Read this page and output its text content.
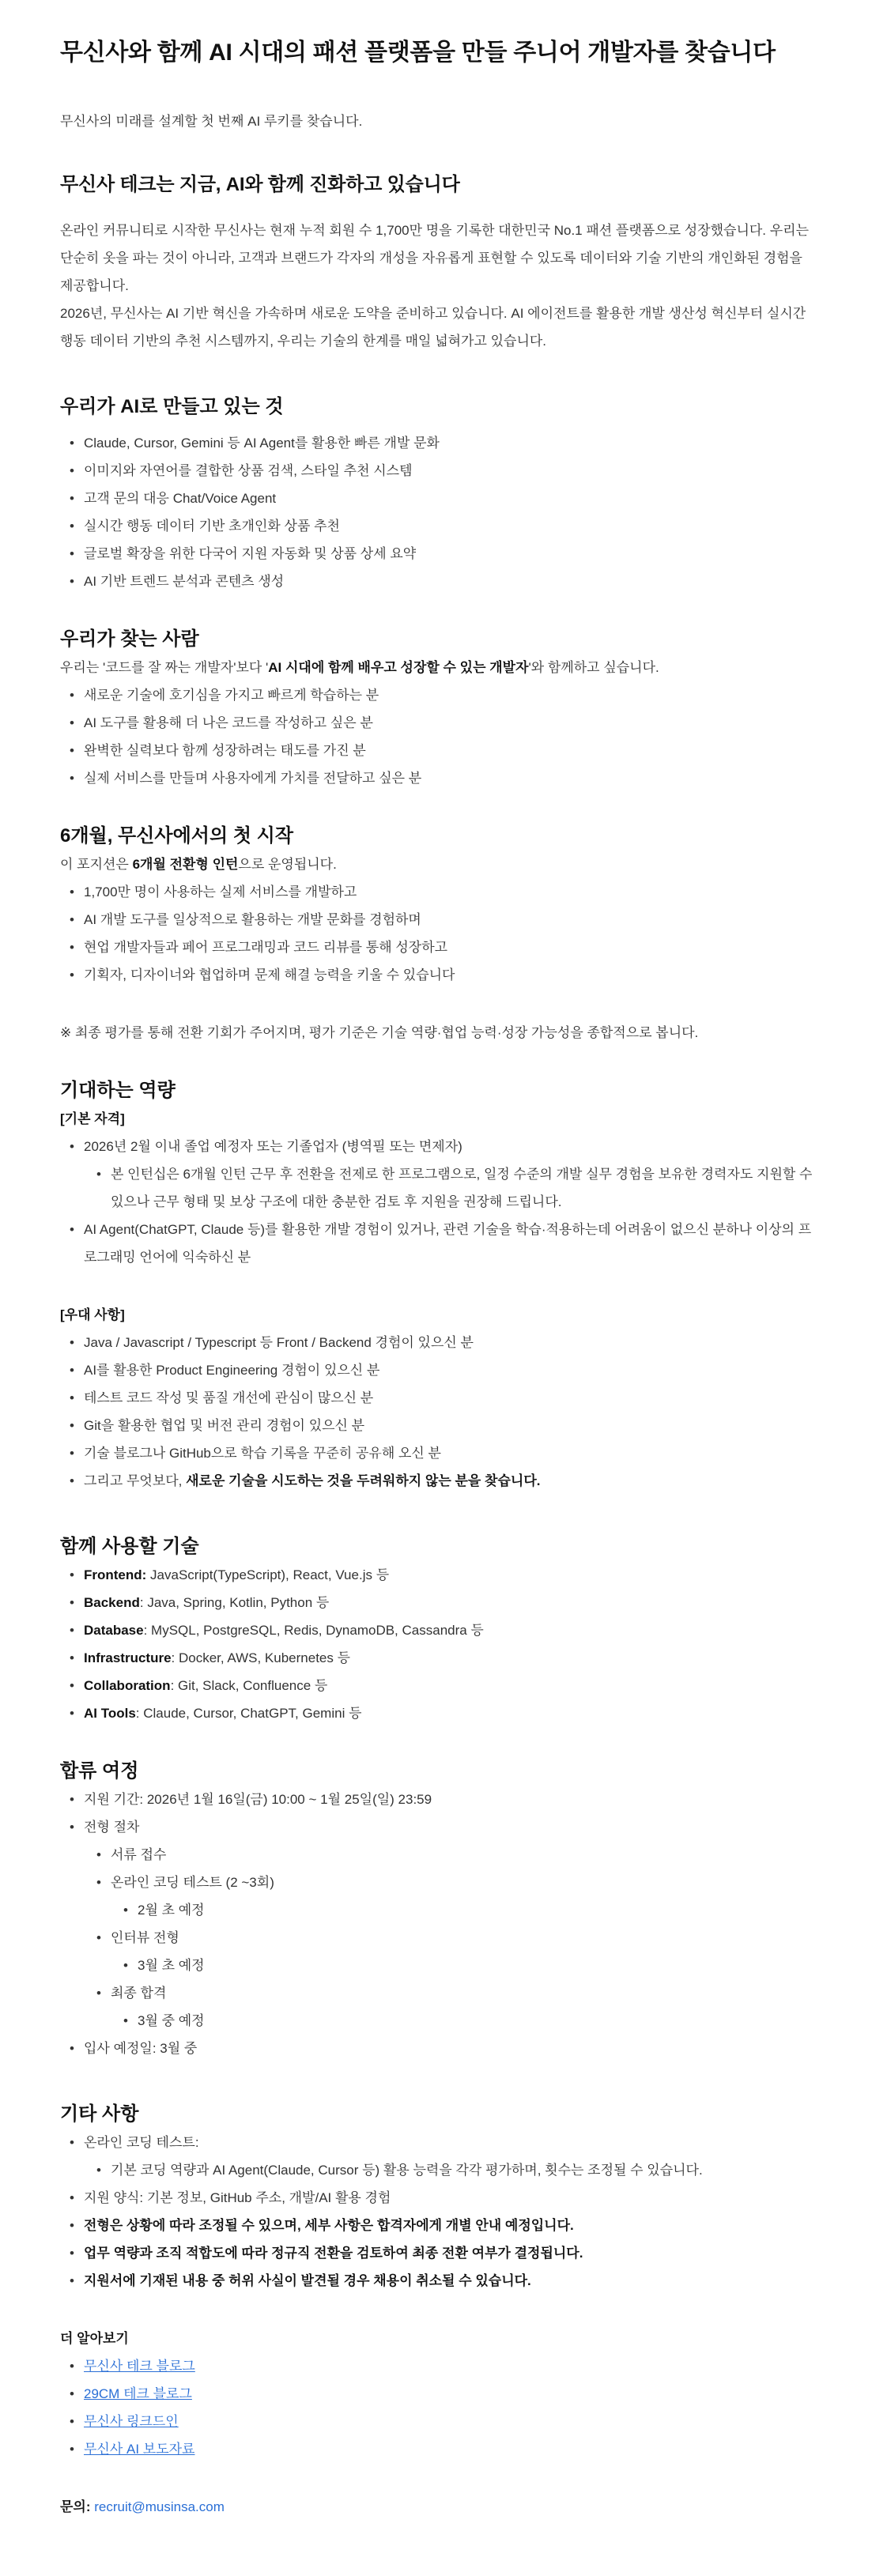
무신사와 함께 AI 시대의 패션 플랫폼을 만들 주니어 개발자를 찾습니다
무신사의 미래를 설계할 첫 번째 AI 루키를 찾습니다.
무신사 테크는 지금, AI와 함께 진화하고 있습니다

온라인 커뮤니티로 시작한 무신사는 현재 누적 회원 수 1,700만 명을 기록한 대한민국 No.1 패션 플랫폼으로 성장했습니다. 우리는 단순히 옷을 파는 것이 아니라, 고객과 브랜드가 각자의 개성을 자유롭게 표현할 수 있도록 데이터와 기술 기반의 개인화된 경험을 제공합니다.

2026년, 무신사는 AI 기반 혁신을 가속하며 새로운 도약을 준비하고 있습니다. AI 에이전트를 활용한 개발 생산성 혁신부터 실시간 행동 데이터 기반의 추천 시스템까지, 우리는 기술의 한계를 매일 넓혀가고 있습니다.

우리가 AI로 만들고 있는 것
• Claude, Cursor, Gemini 등 AI Agent를 활용한 빠른 개발 문화
• 이미지와 자연어를 결합한 상품 검색, 스타일 추천 시스템
• 고객 문의 대응 Chat/Voice Agent
• 실시간 행동 데이터 기반 초개인화 상품 추천
• 글로벌 확장을 위한 다국어 지원 자동화 및 상품 상세 요약
• AI 기반 트렌드 분석과 콘텐츠 생성
우리가 찾는 사람

우리는 '코드를 잘 짜는 개발자'보다 'AI 시대에 함께 배우고 성장할 수 있는 개발자'와 함께하고 싶습니다.

• 새로운 기술에 호기심을 가지고 빠르게 학습하는 분
• AI 도구를 활용해 더 나은 코드를 작성하고 싶은 분
• 완벽한 실력보다 함께 성장하려는 태도를 가진 분
• 실제 서비스를 만들며 사용자에게 가치를 전달하고 싶은 분
6개월, 무신사에서의 첫 시작

이 포지션은 6개월 전환형 인턴으로 운영됩니다.

• 1,700만 명이 사용하는 실제 서비스를 개발하고
• AI 개발 도구를 일상적으로 활용하는 개발 문화를 경험하며
• 현업 개발자들과 페어 프로그래밍과 코드 리뷰를 통해 성장하고
• 기획자, 디자이너와 협업하며 문제 해결 능력을 키울 수 있습니다

※ 최종 평가를 통해 전환 기회가 주어지며, 평가 기준은 기술 역량·협업 능력·성장 가능성을 종합적으로 봅니다.

기대하는 역량
[기본 자격]
• 2026년 2월 이내 졸업 예정자 또는 기졸업자 (병역필 또는 면제자)
• 본 인턴십은 6개월 인턴 근무 후 전환을 전제로 한 프로그램으로, 일정 수준의 개발 실무 경험을 보유한 경력자도 지원할 수 있으나 근무 형태 및 보상 구조에 대한 충분한 검토 후 지원을 권장해 드립니다.
• AI Agent(ChatGPT, Claude 등)를 활용한 개발 경험이 있거나, 관련 기술을 학습·적용하는데 어려움이 없으신 분하나 이상의 프로그래밍 언어에 익숙하신 분
[우대 사항]
• Java / Javascript / Typescript 등 Front / Backend 경험이 있으신 분
• AI를 활용한 Product Engineering 경험이 있으신 분
• 테스트 코드 작성 및 품질 개선에 관심이 많으신 분
• Git을 활용한 협업 및 버전 관리 경험이 있으신 분
• 기술 블로그나 GitHub으로 학습 기록을 꾸준히 공유해 오신 분
• 그리고 무엇보다, 새로운 기술을 시도하는 것을 두려워하지 않는 분을 찾습니다.
함께 사용할 기술
• Frontend: JavaScript(TypeScript), React, Vue.js 등
• Backend: Java, Spring, Kotlin, Python 등
• Database: MySQL, PostgreSQL, Redis, DynamoDB, Cassandra 등
• Infrastructure: Docker, AWS, Kubernetes 등
• Collaboration: Git, Slack, Confluence 등
• AI Tools: Claude, Cursor, ChatGPT, Gemini 등
합류 여정
• 지원 기간: 2026년 1월 16일(금) 10:00 ~ 1월 25일(일) 23:59
• 전형 절차
• 서류 접수
• 온라인 코딩 테스트 (2 ~3회)
• 2월 초 예정
• 인터뷰 전형
• 3월 초 예정
• 최종 합격
• 3월 중 예정
• 입사 예정일: 3월 중
기타 사항
• 온라인 코딩 테스트:
• 기본 코딩 역량과 AI Agent(Claude, Cursor 등) 활용 능력을 각각 평가하며, 횟수는 조정될 수 있습니다.
• 지원 양식: 기본 정보, GitHub 주소, 개발/AI 활용 경험
• 전형은 상황에 따라 조정될 수 있으며, 세부 사항은 합격자에게 개별 안내 예정입니다.
• 업무 역량과 조직 적합도에 따라 정규직 전환을 검토하여 최종 전환 여부가 결정됩니다.
• 지원서에 기재된 내용 중 허위 사실이 발견될 경우 채용이 취소될 수 있습니다.
더 알아보기
• 무신사 테크 블로그
• 29CM 테크 블로그
• 무신사 링크드인
• 무신사 AI 보도자료

문의: recruit@musinsa.com
